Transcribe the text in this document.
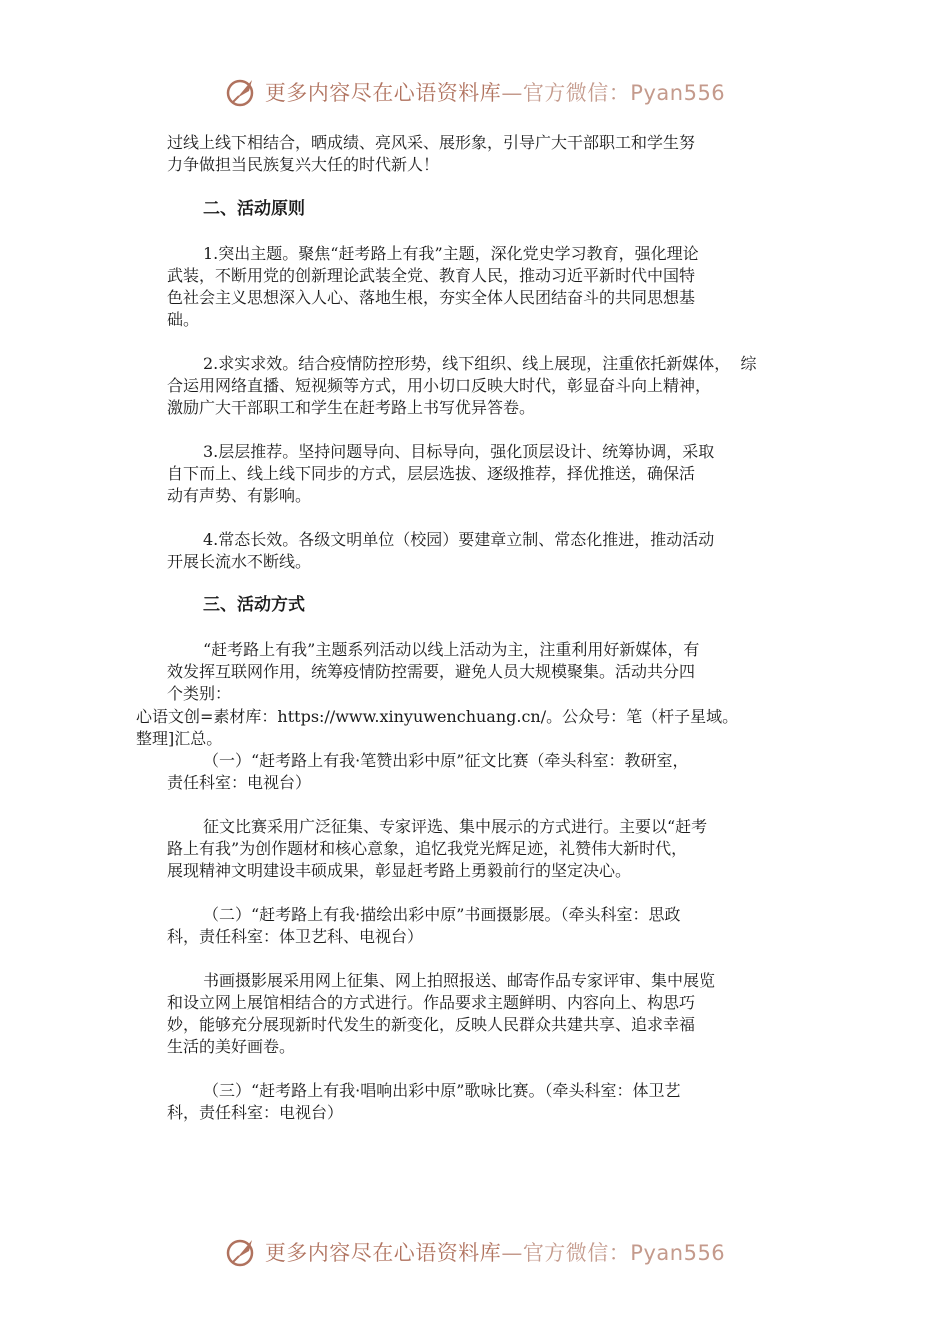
更多内容尽在心语资料库—官方微信：Pyan556
过线上线下相结合，晒成绩、亮风采、展形象，引导广大干部职工和学生努
力争做担当民族复兴大任的时代新人！
二、活动原则
1.突出主题。聚焦“赶考路上有我”主题，深化党史学习教育，强化理论
武装，不断用党的创新理论武装全党、教育人民，推动习近平新时代中国特
色社会主义思想深入人心、落地生根，夯实全体人民团结奋斗的共同思想基
础。
2.求实求效。结合疫情防控形势，线下组织、线上展现，注重依托新媒体，  综
合运用网络直播、短视频等方式，用小切口反映大时代，彰显奋斗向上精神，
激励广大干部职工和学生在赶考路上书写优异答卷。
3.层层推荐。坚持问题导向、目标导向，强化顶层设计、统筹协调，采取
自下而上、线上线下同步的方式，层层选拔、逐级推荐，择优推送，确保活
动有声势、有影响。
4.常态长效。各级文明单位（校园）要建章立制、常态化推进，推动活动
开展长流水不断线。
三、活动方式
“赶考路上有我”主题系列活动以线上活动为主，注重利用好新媒体，有
效发挥互联网作用，统筹疫情防控需要，避免人员大规模聚集。活动共分四
个类别：
心语文创=素材库：https://www.xinyuwenchuang.cn/。公众号：笔（杆子星域。
整理]汇总。
（一）“赶考路上有我·笔赞出彩中原”征文比赛（牵头科室：教研室，
责任科室：电视台）
征文比赛采用广泛征集、专家评选、集中展示的方式进行。主要以“赶考
路上有我”为创作题材和核心意象，追忆我党光辉足迹，礼赞伟大新时代，
展现精神文明建设丰硕成果，彰显赶考路上勇毅前行的坚定决心。
（二）“赶考路上有我·描绘出彩中原”书画摄影展。（牵头科室：思政
科，责任科室：体卫艺科、电视台）
书画摄影展采用网上征集、网上拍照报送、邮寄作品专家评审、集中展览
和设立网上展馆相结合的方式进行。作品要求主题鲜明、内容向上、构思巧
妙，能够充分展现新时代发生的新变化，反映人民群众共建共享、追求幸福
生活的美好画卷。
（三）“赶考路上有我·唱响出彩中原”歌咏比赛。（牵头科室：体卫艺
科，责任科室：电视台）
更多内容尽在心语资料库—官方微信：Pyan556
